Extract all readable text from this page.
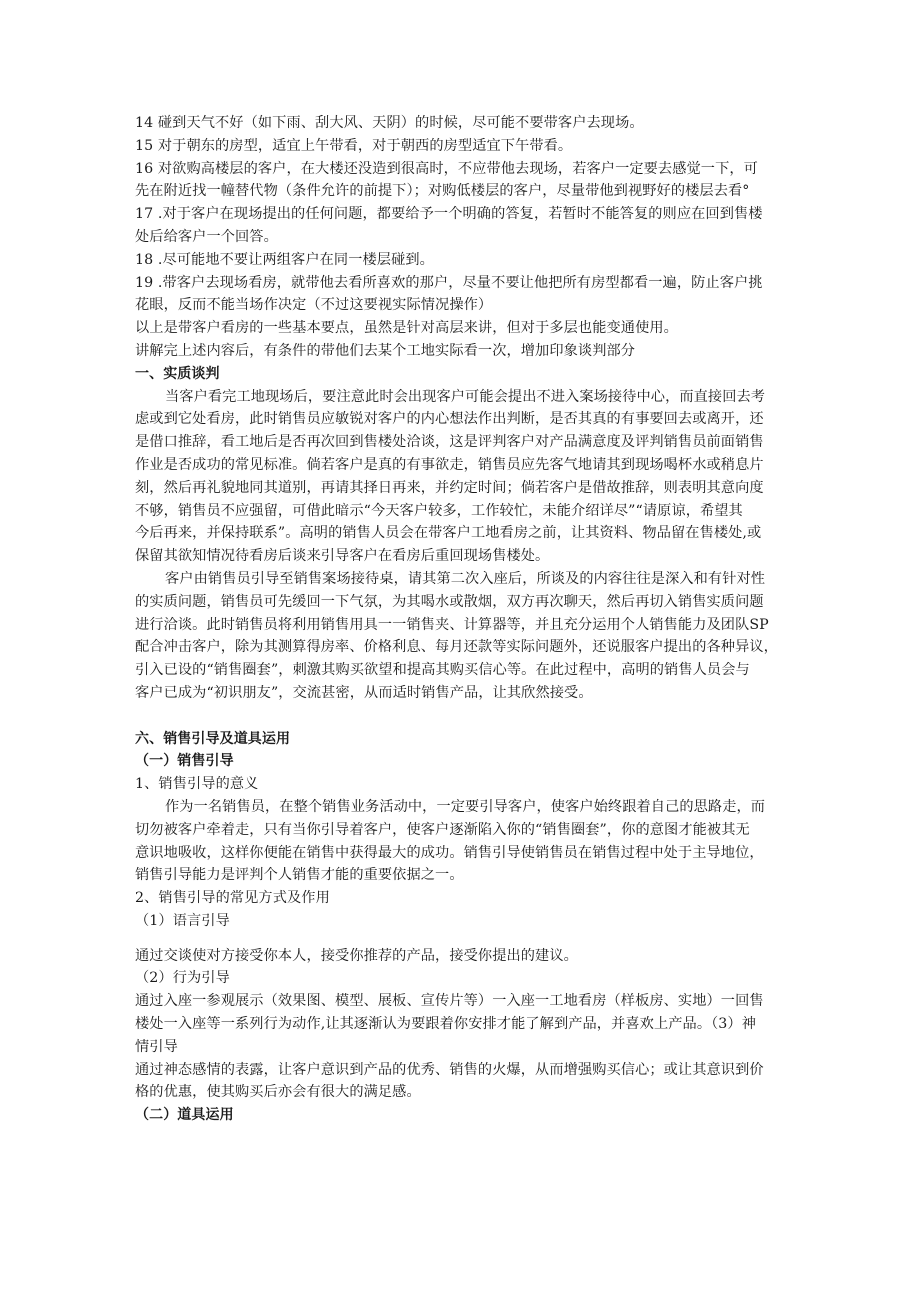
14 碰到天气不好（如下雨、刮大风、天阴）的时候，尽可能不要带客户去现场。
15 对于朝东的房型，适宜上午带看，对于朝西的房型适宜下午带看。
16 对欲购高楼层的客户，在大楼还没造到很高时，不应带他去现场，若客户一定要去感觉一下，可
先在附近找一幢替代物（条件允许的前提下）；对购低楼层的客户，尽量带他到视野好的楼层去看°
17 .对于客户在现场提出的任何问题，都要给予一个明确的答复，若暂时不能答复的则应在回到售楼
处后给客户一个回答。
18 .尽可能地不要让两组客户在同一楼层碰到。
19 .带客户去现场看房，就带他去看所喜欢的那户，尽量不要让他把所有房型都看一遍，防止客户挑
花眼，反而不能当场作决定（不过这要视实际情况操作）
以上是带客户看房的一些基本要点，虽然是针对高层来讲，但对于多层也能变通使用。
讲解完上述内容后，有条件的带他们去某个工地实际看一次，增加印象谈判部分
一、实质谈判
当客户看完工地现场后，要注意此时会出现客户可能会提出不进入案场接待中心，而直接回去考
虑或到它处看房，此时销售员应敏锐对客户的内心想法作出判断，是否其真的有事要回去或离开，还
是借口推辞，看工地后是否再次回到售楼处洽谈，这是评判客户对产品满意度及评判销售员前面销售
作业是否成功的常见标准。倘若客户是真的有事欲走，销售员应先客气地请其到现场喝杯水或稍息片
刻，然后再礼貌地同其道别，再请其择日再来，并约定时间；倘若客户是借故推辞，则表明其意向度
不够，销售员不应强留，可借此暗示“今天客户较多，工作较忙，未能介绍详尽”“请原谅，希望其
今后再来，并保持联系”。高明的销售人员会在带客户工地看房之前，让其资料、物品留在售楼处,或
保留其欲知情况待看房后谈来引导客户在看房后重回现场售楼处。
客户由销售员引导至销售案场接待桌，请其第二次入座后，所谈及的内容往往是深入和有针对性
的实质问题，销售员可先缓回一下气氛，为其喝水或散烟，双方再次聊天，然后再切入销售实质问题
进行洽谈。此时销售员将利用销售用具一一销售夹、计算器等，并且充分运用个人销售能力及团队SP
配合冲击客户，除为其测算得房率、价格利息、每月还款等实际问题外，还说服客户提出的各种异议，
引入已设的“销售圈套”，刺激其购买欲望和提高其购买信心等。在此过程中，高明的销售人员会与
客户已成为“初识朋友”，交流甚密，从而适时销售产品，让其欣然接受。
六、销售引导及道具运用
（一）销售引导
1、销售引导的意义
作为一名销售员，在整个销售业务活动中，一定要引导客户，使客户始终跟着自己的思路走，而
切勿被客户牵着走，只有当你引导着客户，使客户逐渐陷入你的“销售圈套”，你的意图才能被其无
意识地吸收，这样你便能在销售中获得最大的成功。销售引导使销售员在销售过程中处于主导地位，
销售引导能力是评判个人销售才能的重要依据之一。
2、销售引导的常见方式及作用
（1）语言引导
通过交谈使对方接受你本人，接受你推荐的产品，接受你提出的建议。
（2）行为引导
通过入座一参观展示（效果图、模型、展板、宣传片等）一入座一工地看房（样板房、实地）一回售
楼处一入座等一系列行为动作,让其逐渐认为要跟着你安排才能了解到产品，并喜欢上产品。（3）神
情引导
通过神态感情的表露，让客户意识到产品的优秀、销售的火爆，从而增强购买信心；或让其意识到价
格的优惠，使其购买后亦会有很大的满足感。
（二）道具运用
